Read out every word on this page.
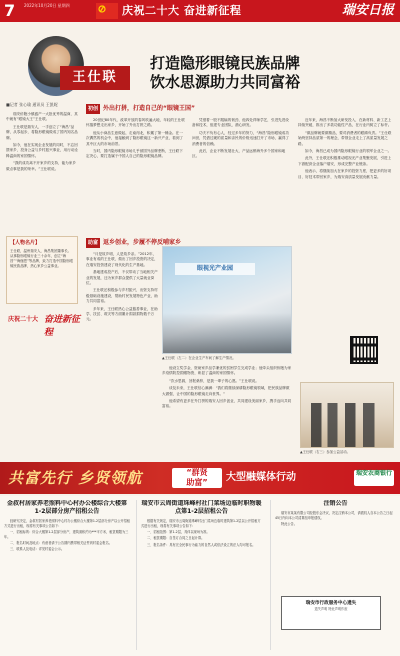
7	2022年10月20日 星期四	庆祝二十大 奋进新征程	瑞安日报
王仕联
打造隐形眼镜民族品牌
饮水思源助力共同富裕
■记者 张心瑜 通讯员 王凯妮

瑞安侨胞小镇盛产一大批优秀的温商，其中就有“眼镜大王”王仕联。

王仕联是瑞安人，一手创立了“海昌”品牌，从零起步，将隐形眼镜做成了国内知名品牌。

如今，他在实现企业发展的同时，不忘回馈家乡，投身公益与乡村振兴事业，用行动诠释温商的家国情怀。

“我的成功离不开家乡的支持，能为家乡做点事是我的荣幸。”王仕联说。

【人物名片】
王仕联，温州瑞安人，海昌集团董事长。从事隐形眼镜行业三十余年，创立“海昌”“海俪恩”等品牌，致力打造中国隐形眼镜民族品牌，热心家乡公益事业。
庆祝二十大 奋进新征程
初创 外出打拼，打造自己的“眼镜王国”

20世纪80年代，改革开放的春风吹遍大地，年轻的王仕联怀揣梦想走出家乡，开始了外出打拼之路。

他从小商品生意做起，走南闯北，积累了第一桶金。在一次偶然的机会中，他接触到了隐形眼镜这一新兴产业，看到了其中巨大的市场前景。

当时，国内隐形眼镜市场几乎被国外品牌垄断，王仕联下定决心，要打造属于中国人自己的隐形眼镜品牌。

凭借着一股不服输的韧劲，他四处拜师学艺，引进先进设备和技术，组建专业团队，潜心研发。

功夫不负有心人，经过多年的努力，“海昌”隐形眼镜成功问世，凭借过硬的质量和亲民的价格迅速打开了市场，赢得了消费者的信赖。

此后，企业不断发展壮大，产品远销海外多个国家和地区。

近年来，海昌不断加大研发投入，在新材料、新工艺上持续突破，推出了多款功能性产品，在行业内树立了标杆。

“做品牌就要做精品，要对消费者的眼睛负责。”王仕联始终坚持品质第一的理念，带领企业走上了高质量发展之路。

如今，海昌已成为国内隐形眼镜行业的领军企业之一。

此外，王仕联还积极推动眼视光产业集聚发展，引进上下游配套企业落户瑞安，形成完整产业链条。

他表示，将继续加大在家乡的投资力度，把更多的好项目、好技术带回家乡，为瑞安高质量发展贡献力量。

助富 返乡创业，步履不停反哺家乡

“月是故乡明，人是故乡亲。”2012年，事业有成的王仕联，做出了回乡投资的决定，在瑞安投资建设了现代化的生产基地。

基地建成投产后，不仅带动了当地相关产业的发展，还为家乡群众提供了大量就业岗位。

王仕联还积极参与乡村振兴，出资支持村级基础设施建设，帮助村民发展特色产业，助力共同富裕。

多年来，王仕联热心公益慈善事业，在助学、扶贫、救灾等方面累计捐款捐物数千万元。

他设立奖学金，资助家乡品学兼优的贫困学生完成学业；他牵头组织侨胞为家乡疫情防控捐赠物资，彰显了温商的家国情怀。

“饮水思源，回报桑梓，是我一辈子的心愿。”王仕联说。

谈及未来，王仕联信心满满：“我们将继续深耕隐形眼镜领域，把民族品牌做大做强，让中国的隐形眼镜走向世界。”

他希望有更多在外打拼的瑞安人回乡创业，共同建设美丽家乡，携手迈向共同富裕。

眼视光产业园
▲王仕联（左二）在企业生产车间了解生产情况。
▲王仕联（右三）参加公益活动。
共富先行 乡贤领航	“群贤
助富”	大型融媒体行动	瑞安农商银行
金叔村居家养老照料中心村办公楼综合大楼第1-2层部分房产招租公告

经研究决定，金叔村居家养老照料中心村办公楼综合大楼第1-2层部分房产以公开招租方式进行出租，现将有关事项公告如下：

一、招租标的：综合大楼第1-2层部分房产，建筑面积约为***平方米，租赁期限为三年。

二、报名时间及地点：有意者请于公告期内携带相关证件到村委会报名。

三、联系人及电话：详见村委会公示。

瑞安市云周街道珠峰村社门菜场边临时职物暖点第1-2层招租公告

根据有关规定，瑞安市云周街道珠峰村社门菜场边临时建筑第1-2层以公开招租方式进行出租，现将有关事项公告如下：

一、招租范围：第1-2层，具体以现场为准。

二、租赁期限：自签订合同之日起计算。

三、报名条件：具有完全民事行为能力的自然人或依法设立的法人均可报名。

注销公告

瑞安市某某有限公司经股东会决议，决定注销本公司，请债权人自本公告之日起45日内向本公司清算组申报债权。

特此公告。

瑞安市行政服务中心遗失
遗失声明 特此声明作废
